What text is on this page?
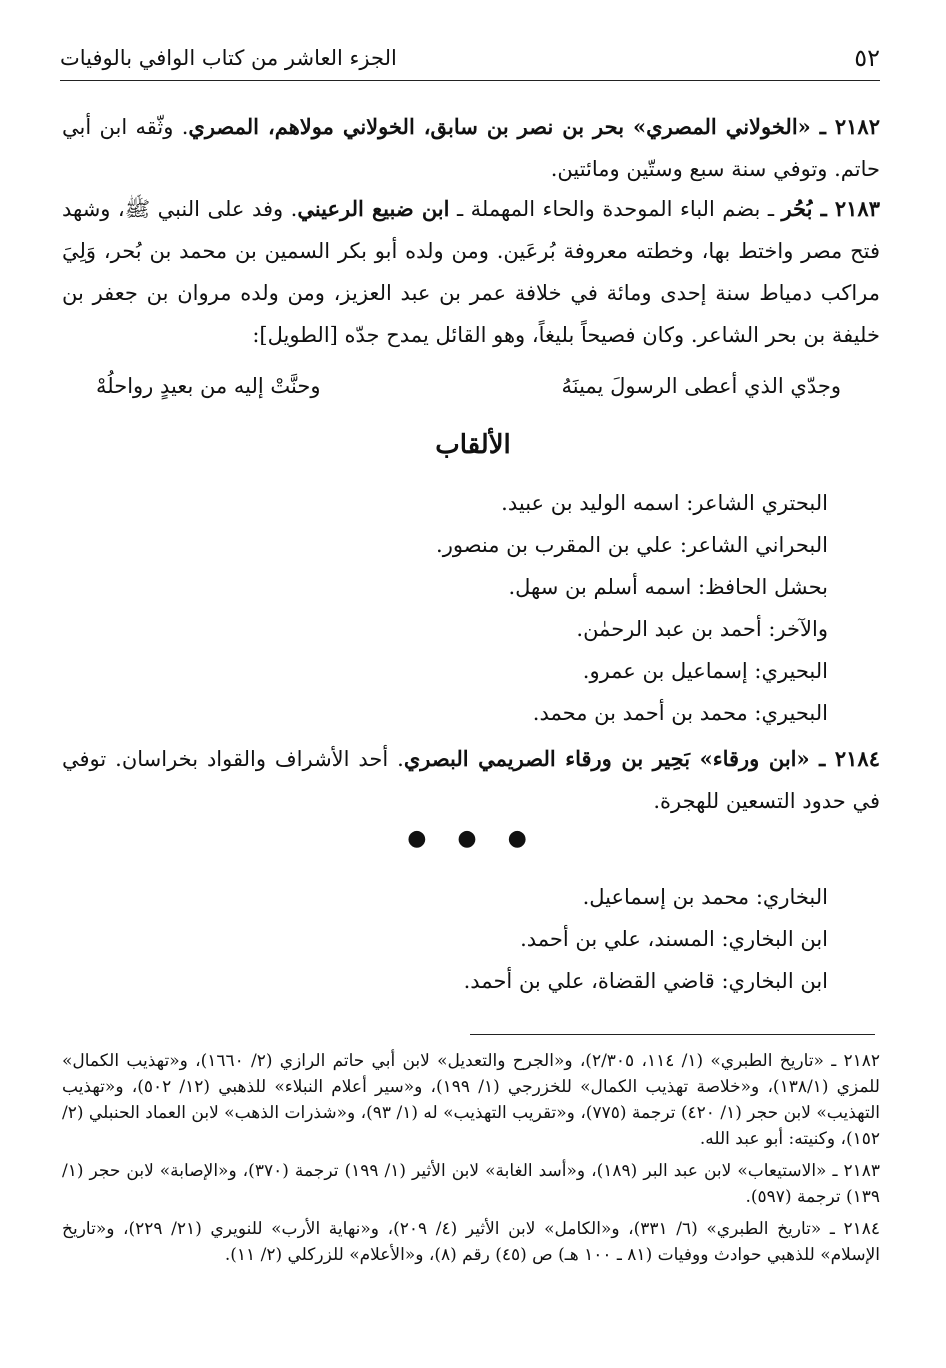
٥٢
الجزء العاشر من كتاب الوافي بالوفيات
٢١٨٢ ـ «الخولاني المصري» بحر بن نصر بن سابق، الخولاني مولاهم، المصري. وثّقه ابن أبي حاتم. وتوفي سنة سبع وستّين ومائتين.
٢١٨٣ ـ بُحُر ـ بضم الباء الموحدة والحاء المهملة ـ ابن ضبيع الرعيني. وفد على النبي ﷺ، وشهد فتح مصر واختط بها، وخطته معروفة بُرعَين. ومن ولده أبو بكر السمين بن محمد بن بُحر، وَلِيَ مراكب دمياط سنة إحدى ومائة في خلافة عمر بن عبد العزيز، ومن ولده مروان بن جعفر بن خليفة بن بحر الشاعر. وكان فصيحاً بليغاً، وهو القائل يمدح جدّه [الطويل]:
وجدّي الذي أعطى الرسولَ يمينَهُ
وحنَّتْ إليه من بعيدٍ رواحلُهْ
الألقاب
البحتري الشاعر: اسمه الوليد بن عبيد.
البحراني الشاعر: علي بن المقرب بن منصور.
بحشل الحافظ: اسمه أسلم بن سهل.
والآخر: أحمد بن عبد الرحمٰن.
البحيري: إسماعيل بن عمرو.
البحيري: محمد بن أحمد بن محمد.
٢١٨٤ ـ «ابن ورقاء» بَحِير بن ورقاء الصريمي البصري. أحد الأشراف والقواد بخراسان. توفي في حدود التسعين للهجرة.
● ● ●
البخاري: محمد بن إسماعيل.
ابن البخاري: المسند، علي بن أحمد.
ابن البخاري: قاضي القضاة، علي بن أحمد.
٢١٨٢ ـ «تاريخ الطبري» (١/ ١١٤، ٢/٣٠٥)، و«الجرح والتعديل» لابن أبي حاتم الرازي (٢/ ١٦٦٠)، و«تهذيب الكمال» للمزي (١٣٨/١)، و«خلاصة تهذيب الكمال» للخزرجي (١/ ١٩٩)، و«سير أعلام النبلاء» للذهبي (١٢/ ٥٠٢)، و«تهذيب التهذيب» لابن حجر (١/ ٤٢٠) ترجمة (٧٧٥)، و«تقريب التهذيب» له (١/ ٩٣)، و«شذرات الذهب» لابن العماد الحنبلي (٢/ ١٥٢)، وكنيته: أبو عبد الله.
٢١٨٣ ـ «الاستيعاب» لابن عبد البر (١٨٩)، و«أسد الغابة» لابن الأثير (١/ ١٩٩) ترجمة (٣٧٠)، و«الإصابة» لابن حجر (١/ ١٣٩) ترجمة (٥٩٧).
٢١٨٤ ـ «تاريخ الطبري» (٦/ ٣٣١)، و«الكامل» لابن الأثير (٤/ ٢٠٩)، و«نهاية الأرب» للنويري (٢١/ ٢٢٩)، و«تاريخ الإسلام» للذهبي حوادث ووفيات (٨١ ـ ١٠٠ هـ) ص (٤٥) رقم (٨)، و«الأعلام» للزركلي (٢/ ١١).
